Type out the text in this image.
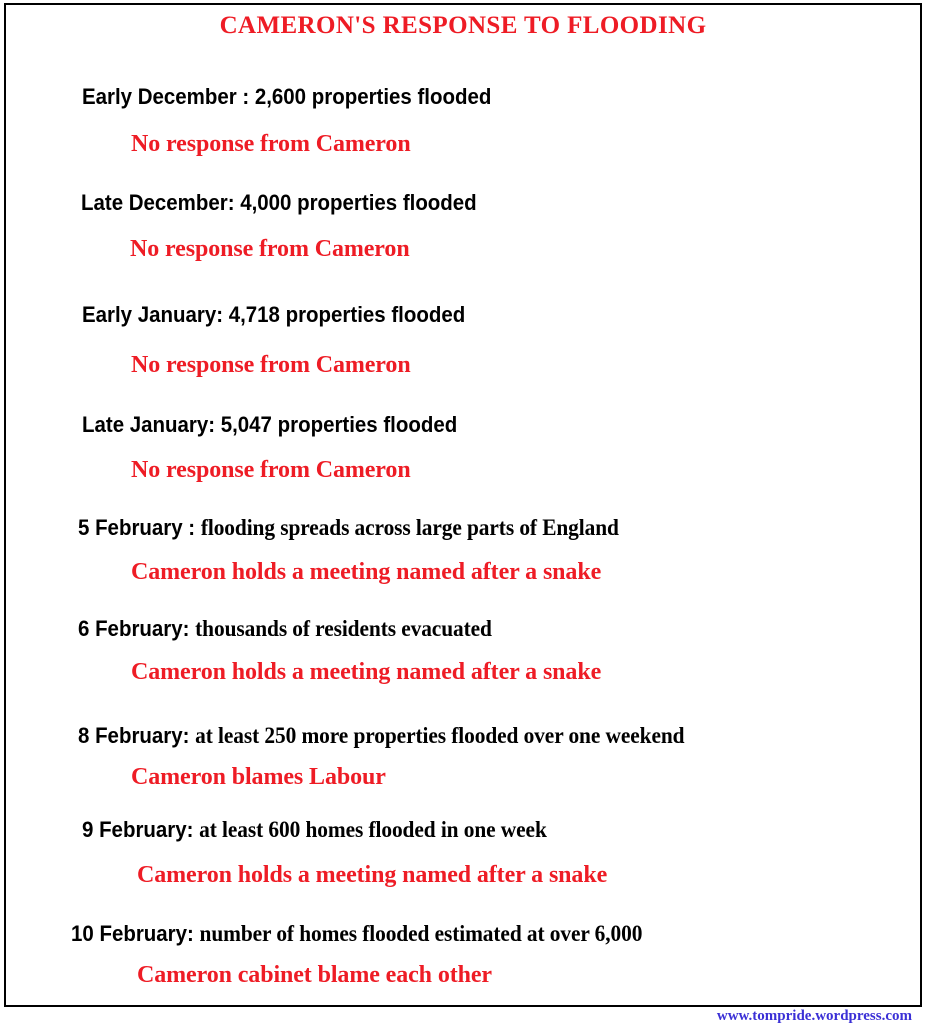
CAMERON'S RESPONSE TO FLOODING
Early December : 2,600 properties flooded
No response from Cameron
Late December: 4,000 properties flooded
No response from Cameron
Early January: 4,718 properties flooded
No response from Cameron
Late January: 5,047 properties flooded
No response from Cameron
5 February : flooding spreads across large parts of England
Cameron holds a meeting named after a snake
6 February: thousands of residents evacuated
Cameron holds a meeting named after a snake
8 February: at least 250 more properties flooded over one weekend
Cameron blames Labour
9 February: at least 600 homes flooded in one week
Cameron holds a meeting named after a snake
10 February: number of homes flooded estimated at over 6,000
Cameron cabinet blame each other
www.tompride.wordpress.com
